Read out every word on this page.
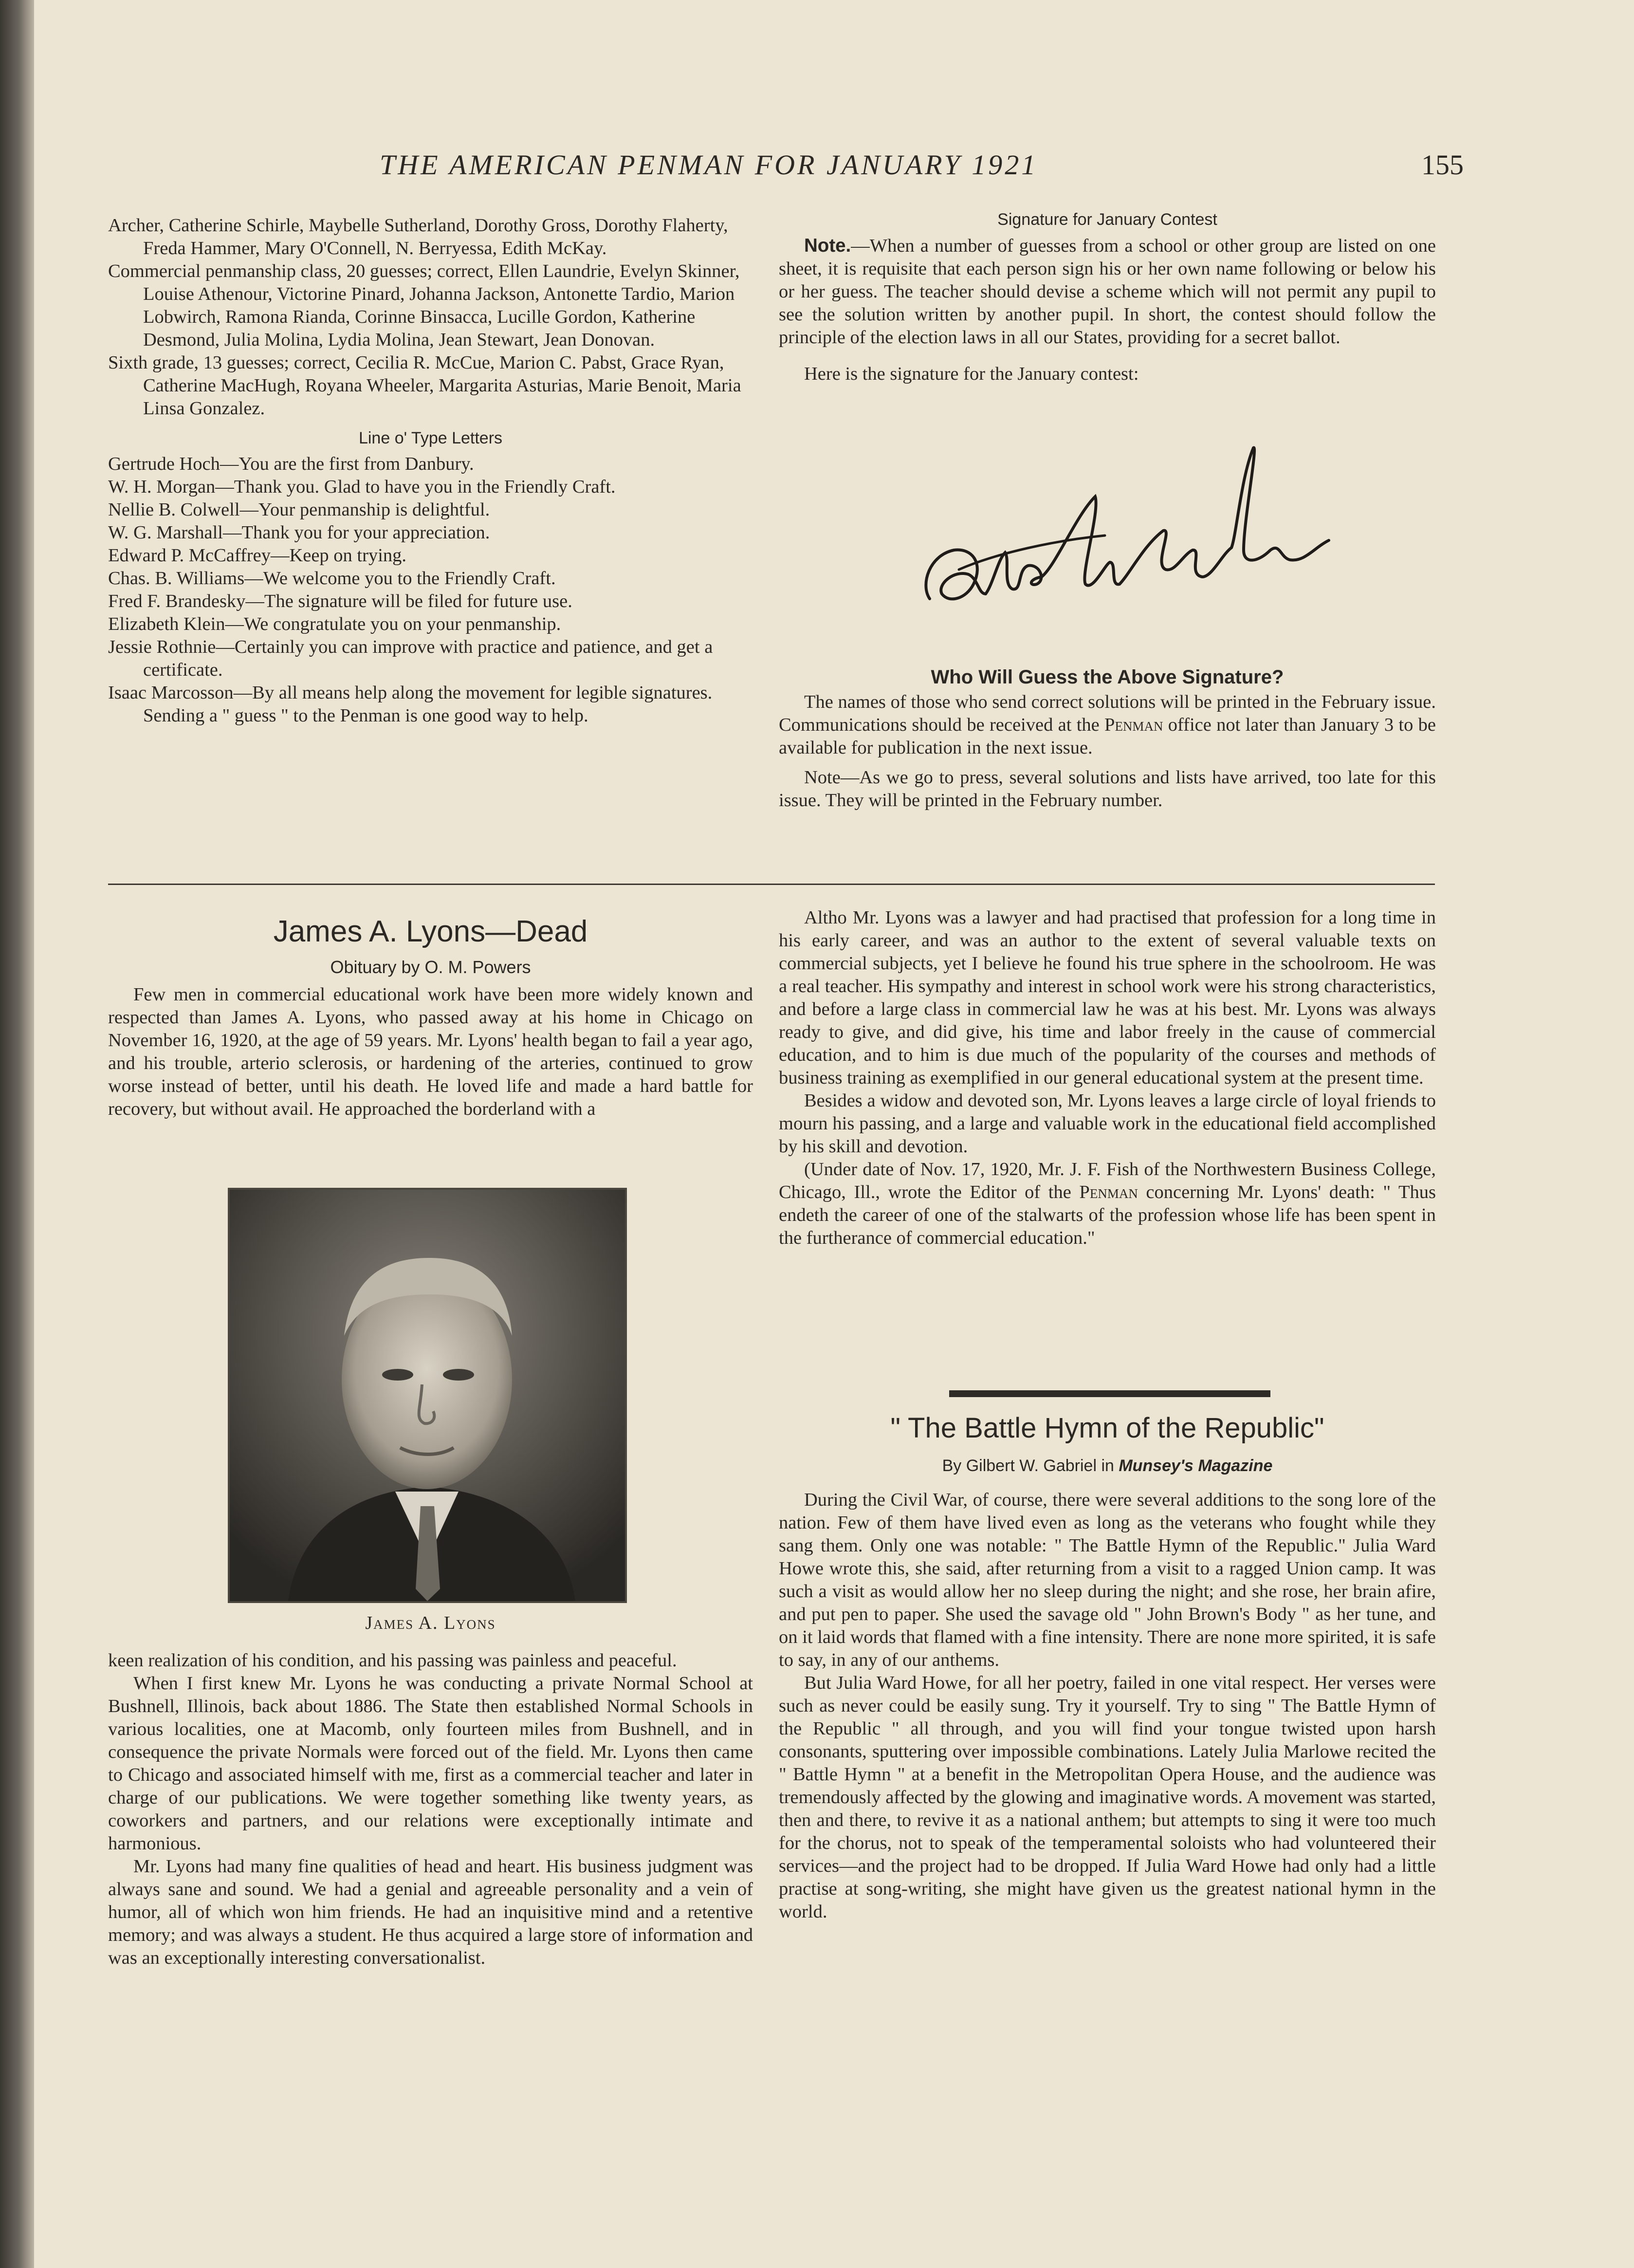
THE AMERICAN PENMAN FOR JANUARY 1921	155

Archer, Catherine Schirle, Maybelle Sutherland, Dorothy Gross, Dorothy Flaherty, Freda Hammer, Mary O'Connell, N. Berryessa, Edith McKay.

Commercial penmanship class, 20 guesses; correct, Ellen Laundrie, Evelyn Skinner, Louise Athenour, Victorine Pinard, Johanna Jackson, Antonette Tardio, Marion Lobwirch, Ramona Rianda, Corinne Binsacca, Lucille Gordon, Katherine Desmond, Julia Molina, Lydia Molina, Jean Stewart, Jean Donovan.

Sixth grade, 13 guesses; correct, Cecilia R. McCue, Marion C. Pabst, Grace Ryan, Catherine MacHugh, Royana Wheeler, Margarita Asturias, Marie Benoit, Maria Linsa Gonzalez.

Line o' Type Letters

Gertrude Hoch—You are the first from Danbury.

W. H. Morgan—Thank you. Glad to have you in the Friendly Craft.

Nellie B. Colwell—Your penmanship is delightful.

W. G. Marshall—Thank you for your appreciation.

Edward P. McCaffrey—Keep on trying.

Chas. B. Williams—We welcome you to the Friendly Craft.

Fred F. Brandesky—The signature will be filed for future use.

Elizabeth Klein—We congratulate you on your penmanship.

Jessie Rothnie—Certainly you can improve with practice and patience, and get a certificate.

Isaac Marcosson—By all means help along the movement for legible signatures. Sending a " guess " to the Penman is one good way to help.

Signature for January Contest

Note.—When a number of guesses from a school or other group are listed on one sheet, it is requisite that each person sign his or her own name following or below his or her guess. The teacher should devise a scheme which will not permit any pupil to see the solution written by another pupil. In short, the contest should follow the principle of the election laws in all our States, providing for a secret ballot.

Here is the signature for the January contest:

Who Will Guess the Above Signature?

The names of those who send correct solutions will be printed in the February issue. Communications should be received at the Penman office not later than January 3 to be available for publication in the next issue.

Note—As we go to press, several solutions and lists have arrived, too late for this issue. They will be printed in the February number.

James A. Lyons—Dead
Obituary by O. M. Powers

Few men in commercial educational work have been more widely known and respected than James A. Lyons, who passed away at his home in Chicago on November 16, 1920, at the age of 59 years. Mr. Lyons' health began to fail a year ago, and his trouble, arterio sclerosis, or hardening of the arteries, continued to grow worse instead of better, until his death. He loved life and made a hard battle for recovery, but without avail. He approached the borderland with a

James A. Lyons

keen realization of his condition, and his passing was painless and peaceful.

When I first knew Mr. Lyons he was conducting a private Normal School at Bushnell, Illinois, back about 1886. The State then established Normal Schools in various localities, one at Macomb, only fourteen miles from Bushnell, and in consequence the private Normals were forced out of the field. Mr. Lyons then came to Chicago and associated himself with me, first as a commercial teacher and later in charge of our publications. We were together something like twenty years, as coworkers and partners, and our relations were exceptionally intimate and harmonious.

Mr. Lyons had many fine qualities of head and heart. His business judgment was always sane and sound. We had a genial and agreeable personality and a vein of humor, all of which won him friends. He had an inquisitive mind and a retentive memory; and was always a student. He thus acquired a large store of information and was an exceptionally interesting conversationalist.

Altho Mr. Lyons was a lawyer and had practised that profession for a long time in his early career, and was an author to the extent of several valuable texts on commercial subjects, yet I believe he found his true sphere in the schoolroom. He was a real teacher. His sympathy and interest in school work were his strong characteristics, and before a large class in commercial law he was at his best. Mr. Lyons was always ready to give, and did give, his time and labor freely in the cause of commercial education, and to him is due much of the popularity of the courses and methods of business training as exemplified in our general educational system at the present time.

Besides a widow and devoted son, Mr. Lyons leaves a large circle of loyal friends to mourn his passing, and a large and valuable work in the educational field accomplished by his skill and devotion.

(Under date of Nov. 17, 1920, Mr. J. F. Fish of the Northwestern Business College, Chicago, Ill., wrote the Editor of the Penman concerning Mr. Lyons' death: " Thus endeth the career of one of the stalwarts of the profession whose life has been spent in the furtherance of commercial education."

" The Battle Hymn of the Republic"
By Gilbert W. Gabriel in Munsey's Magazine

During the Civil War, of course, there were several additions to the song lore of the nation. Few of them have lived even as long as the veterans who fought while they sang them. Only one was notable: " The Battle Hymn of the Republic." Julia Ward Howe wrote this, she said, after returning from a visit to a ragged Union camp. It was such a visit as would allow her no sleep during the night; and she rose, her brain afire, and put pen to paper. She used the savage old " John Brown's Body " as her tune, and on it laid words that flamed with a fine intensity. There are none more spirited, it is safe to say, in any of our anthems.

But Julia Ward Howe, for all her poetry, failed in one vital respect. Her verses were such as never could be easily sung. Try it yourself. Try to sing " The Battle Hymn of the Republic " all through, and you will find your tongue twisted upon harsh consonants, sputtering over impossible combinations. Lately Julia Marlowe recited the " Battle Hymn " at a benefit in the Metropolitan Opera House, and the audience was tremendously affected by the glowing and imaginative words. A movement was started, then and there, to revive it as a national anthem; but attempts to sing it were too much for the chorus, not to speak of the temperamental soloists who had volunteered their services—and the project had to be dropped. If Julia Ward Howe had only had a little practise at song-writing, she might have given us the greatest national hymn in the world.
